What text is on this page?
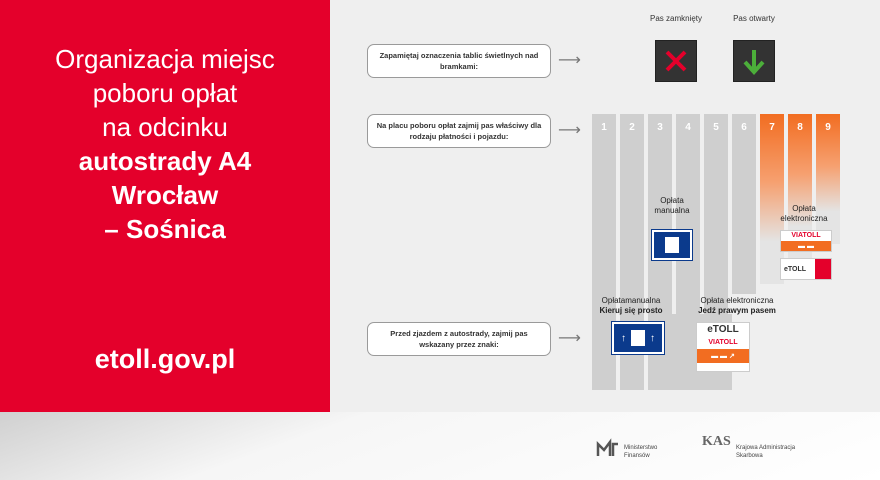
Organizacja miejsc
poboru opłat
na odcinku
autostrady A4
Wrocław
– Sośnica
etoll.gov.pl
Zapamiętaj oznaczenia tablic świetlnych nad bramkami:	⟶
Na placu poboru opłat zajmij pas właściwy dla rodzaju płatności i pojazdu:	⟶
Przed zjazdem z autostrady, zajmij pas wskazany przez znaki:	⟶
Pas zamknięty	Pas otwarty
1	2	3	4	5	6	7	8	9
Opłata manualna	Opłata elektroniczna
VIATOLL
▬ ▬
eTOLL
Opłatamanualna
Kieruj się prosto
↑ ↑
Opłata elektroniczna
Jedź prawym pasem
eTOLL
VIATOLL
▬ ▬ ↗
Ministerstwo Finansów
KAS Krajowa Administracja Skarbowa
